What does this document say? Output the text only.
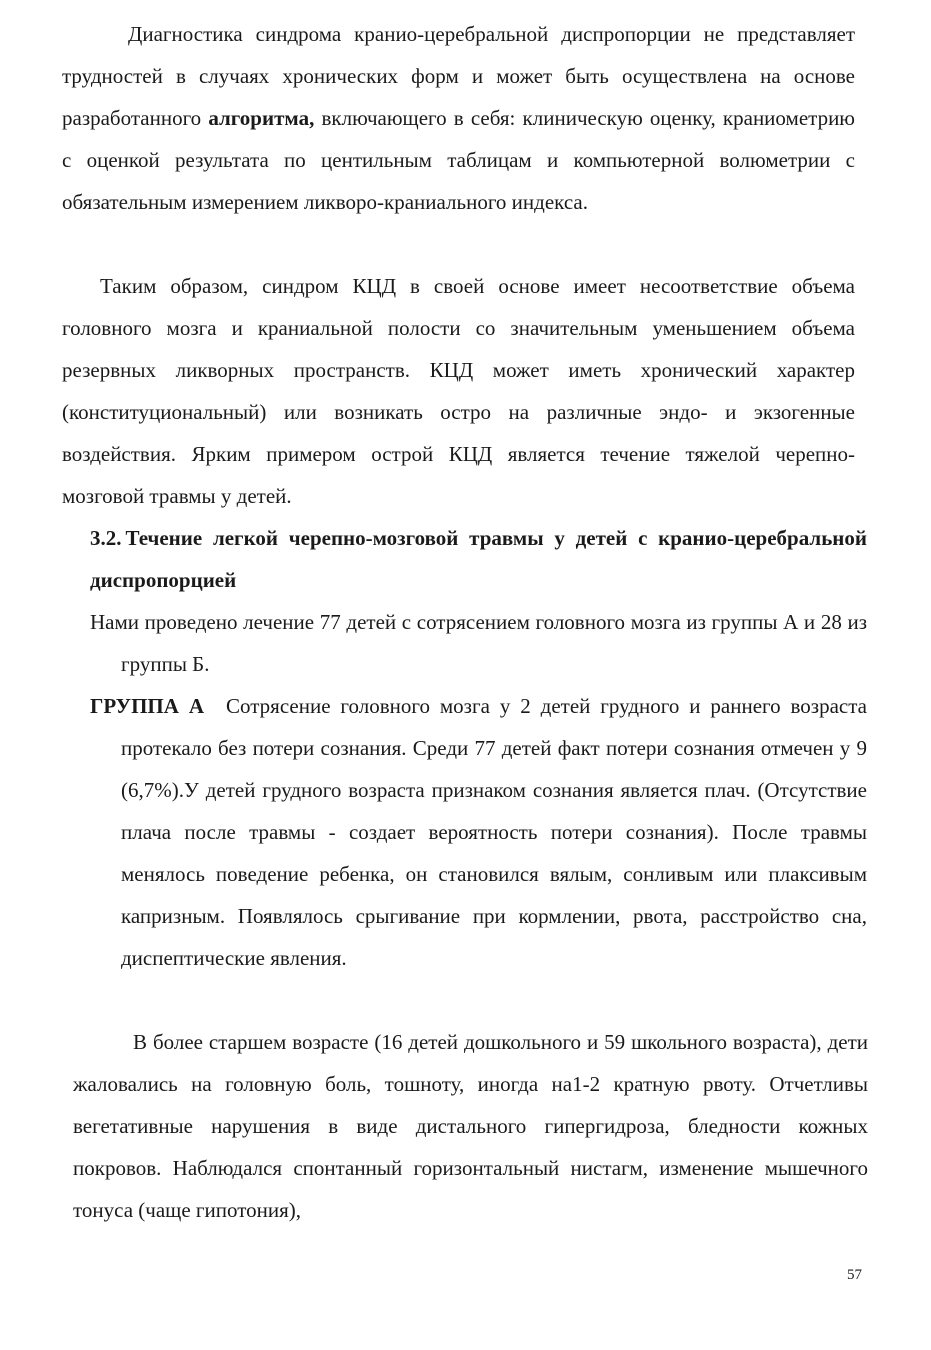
Диагностика синдрома кранио-церебральной диспропорции не представляет трудностей в случаях хронических форм и может быть осуществлена на основе разработанного алгоритма, включающего в себя: клиническую оценку, краниометрию с оценкой результата по центильным таблицам и компьютерной волюметрии с обязательным измерением ликворо-краниального индекса.

Таким образом, синдром КЦД в своей основе имеет несоответствие объема головного мозга и краниальной полости со значительным уменьшением объема резервных ликворных пространств. КЦД может иметь хронический характер (конституциональный) или возникать остро на различные эндо- и экзогенные воздействия. Ярким примером острой КЦД является течение тяжелой черепно-мозговой травмы у детей.

3.2. Течение легкой черепно-мозговой травмы у детей с кранио-церебральной диспропорцией

Нами проведено лечение 77 детей с сотрясением головного мозга из группы А и 28 из группы Б.

ГРУППА А Сотрясение головного мозга у 2 детей грудного и раннего возраста протекало без потери сознания. Среди 77 детей факт потери сознания отмечен у 9 (6,7%).У детей грудного возраста признаком сознания является плач. (Отсутствие плача после травмы - создает вероятность потери сознания). После травмы менялось поведение ребенка, он становился вялым, сонливым или плаксивым капризным. Появлялось срыгивание при кормлении, рвота, расстройство сна, диспептические явления.

В более старшем возрасте (16 детей дошкольного и 59 школьного возраста), дети жаловались на головную боль, тошноту, иногда на1-2 кратную рвоту. Отчетливы вегетативные нарушения в виде дистального гипергидроза, бледности кожных покровов. Наблюдался спонтанный горизонтальный нистагм, изменение мышечного тонуса (чаще гипотония),

57
